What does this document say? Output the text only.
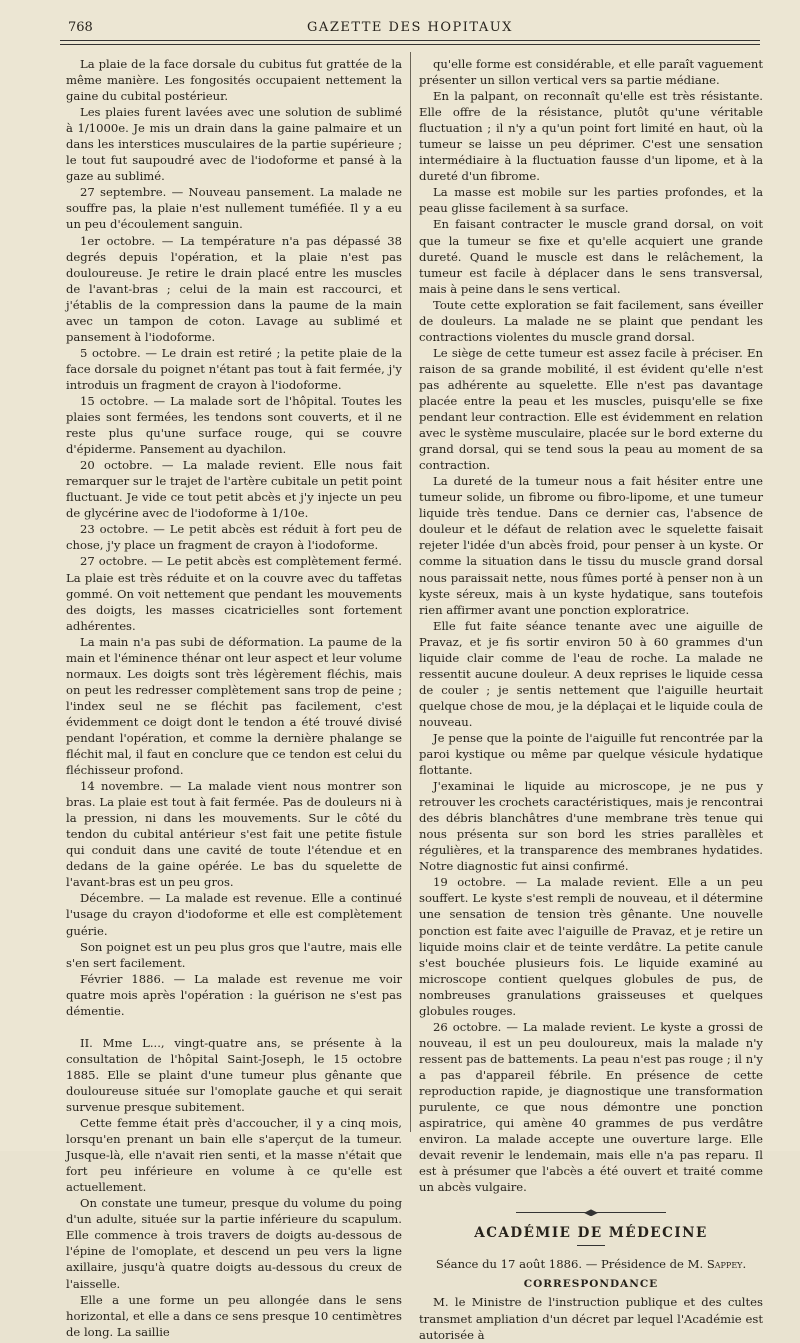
768	GAZETTE DES HOPITAUX

La plaie de la face dorsale du cubitus fut grattée de la même manière. Les fongosités occupaient nettement la gaine du cubital postérieur.

Les plaies furent lavées avec une solution de sublimé à 1/1000e. Je mis un drain dans la gaine palmaire et un dans les interstices musculaires de la partie supérieure ; le tout fut saupoudré avec de l'iodoforme et pansé à la gaze au sublimé.

27 septembre. — Nouveau pansement. La malade ne souffre pas, la plaie n'est nullement tuméfiée. Il y a eu un peu d'écoulement sanguin.

1er octobre. — La température n'a pas dépassé 38 degrés depuis l'opération, et la plaie n'est pas douloureuse. Je retire le drain placé entre les muscles de l'avant-bras ; celui de la main est raccourci, et j'établis de la compression dans la paume de la main avec un tampon de coton. Lavage au sublimé et pansement à l'iodoforme.

5 octobre. — Le drain est retiré ; la petite plaie de la face dorsale du poignet n'étant pas tout à fait fermée, j'y introduis un fragment de crayon à l'iodoforme.

15 octobre. — La malade sort de l'hôpital. Toutes les plaies sont fermées, les tendons sont couverts, et il ne reste plus qu'une surface rouge, qui se couvre d'épiderme. Pansement au dyachilon.

20 octobre. — La malade revient. Elle nous fait remarquer sur le trajet de l'artère cubitale un petit point fluctuant. Je vide ce tout petit abcès et j'y injecte un peu de glycérine avec de l'iodoforme à 1/10e.

23 octobre. — Le petit abcès est réduit à fort peu de chose, j'y place un fragment de crayon à l'iodoforme.

27 octobre. — Le petit abcès est complètement fermé. La plaie est très réduite et on la couvre avec du taffetas gommé. On voit nettement que pendant les mouvements des doigts, les masses cicatricielles sont fortement adhérentes.

La main n'a pas subi de déformation. La paume de la main et l'éminence thénar ont leur aspect et leur volume normaux. Les doigts sont très légèrement fléchis, mais on peut les redresser complètement sans trop de peine ; l'index seul ne se fléchit pas facilement, c'est évidemment ce doigt dont le tendon a été trouvé divisé pendant l'opération, et comme la dernière phalange se fléchit mal, il faut en conclure que ce tendon est celui du fléchisseur profond.

14 novembre. — La malade vient nous montrer son bras. La plaie est tout à fait fermée. Pas de douleurs ni à la pression, ni dans les mouvements. Sur le côté du tendon du cubital antérieur s'est fait une petite fistule qui conduit dans une cavité de toute l'étendue et en dedans de la gaine opérée. Le bas du squelette de l'avant-bras est un peu gros.

Décembre. — La malade est revenue. Elle a continué l'usage du crayon d'iodoforme et elle est complètement guérie.

Son poignet est un peu plus gros que l'autre, mais elle s'en sert facilement.

Février 1886. — La malade est revenue me voir quatre mois après l'opération : la guérison ne s'est pas démentie.

II. Mme L..., vingt-quatre ans, se présente à la consultation de l'hôpital Saint-Joseph, le 15 octobre 1885. Elle se plaint d'une tumeur plus gênante que douloureuse située sur l'omoplate gauche et qui serait survenue presque subitement.

Cette femme était près d'accoucher, il y a cinq mois, lorsqu'en prenant un bain elle s'aperçut de la tumeur. Jusque-là, elle n'avait rien senti, et la masse n'était que fort peu inférieure en volume à ce qu'elle est actuellement.

On constate une tumeur, presque du volume du poing d'un adulte, située sur la partie inférieure du scapulum. Elle commence à trois travers de doigts au-dessous de l'épine de l'omoplate, et descend un peu vers la ligne axillaire, jusqu'à quatre doigts au-dessous du creux de l'aisselle.

Elle a une forme un peu allongée dans le sens horizontal, et elle a dans ce sens presque 10 centimètres de long. La saillie

qu'elle forme est considérable, et elle paraît vaguement présenter un sillon vertical vers sa partie médiane.

En la palpant, on reconnaît qu'elle est très résistante. Elle offre de la résistance, plutôt qu'une véritable fluctuation ; il n'y a qu'un point fort limité en haut, où la tumeur se laisse un peu déprimer. C'est une sensation intermédiaire à la fluctuation fausse d'un lipome, et à la dureté d'un fibrome.

La masse est mobile sur les parties profondes, et la peau glisse facilement à sa surface.

En faisant contracter le muscle grand dorsal, on voit que la tumeur se fixe et qu'elle acquiert une grande dureté. Quand le muscle est dans le relâchement, la tumeur est facile à déplacer dans le sens transversal, mais à peine dans le sens vertical.

Toute cette exploration se fait facilement, sans éveiller de douleurs. La malade ne se plaint que pendant les contractions violentes du muscle grand dorsal.

Le siège de cette tumeur est assez facile à préciser. En raison de sa grande mobilité, il est évident qu'elle n'est pas adhérente au squelette. Elle n'est pas davantage placée entre la peau et les muscles, puisqu'elle se fixe pendant leur contraction. Elle est évidemment en relation avec le système musculaire, placée sur le bord externe du grand dorsal, qui se tend sous la peau au moment de sa contraction.

La dureté de la tumeur nous a fait hésiter entre une tumeur solide, un fibrome ou fibro-lipome, et une tumeur liquide très tendue. Dans ce dernier cas, l'absence de douleur et le défaut de relation avec le squelette faisait rejeter l'idée d'un abcès froid, pour penser à un kyste. Or comme la situation dans le tissu du muscle grand dorsal nous paraissait nette, nous fûmes porté à penser non à un kyste séreux, mais à un kyste hydatique, sans toutefois rien affirmer avant une ponction exploratrice.

Elle fut faite séance tenante avec une aiguille de Pravaz, et je fis sortir environ 50 à 60 grammes d'un liquide clair comme de l'eau de roche. La malade ne ressentit aucune douleur. A deux reprises le liquide cessa de couler ; je sentis nettement que l'aiguille heurtait quelque chose de mou, je la déplaçai et le liquide coula de nouveau.

Je pense que la pointe de l'aiguille fut rencontrée par la paroi kystique ou même par quelque vésicule hydatique flottante.

J'examinai le liquide au microscope, je ne pus y retrouver les crochets caractéristiques, mais je rencontrai des débris blanchâtres d'une membrane très tenue qui nous présenta sur son bord les stries parallèles et régulières, et la transparence des membranes hydatides. Notre diagnostic fut ainsi confirmé.

19 octobre. — La malade revient. Elle a un peu souffert. Le kyste s'est rempli de nouveau, et il détermine une sensation de tension très gênante. Une nouvelle ponction est faite avec l'aiguille de Pravaz, et je retire un liquide moins clair et de teinte verdâtre. La petite canule s'est bouchée plusieurs fois. Le liquide examiné au microscope contient quelques globules de pus, de nombreuses granulations graisseuses et quelques globules rouges.

26 octobre. — La malade revient. Le kyste a grossi de nouveau, il est un peu douloureux, mais la malade n'y ressent pas de battements. La peau n'est pas rouge ; il n'y a pas d'appareil fébrile. En présence de cette reproduction rapide, je diagnostique une transformation purulente, ce que nous démontre une ponction aspiratrice, qui amène 40 grammes de pus verdâtre environ. La malade accepte une ouverture large. Elle devait revenir le lendemain, mais elle n'a pas reparu. Il est à présumer que l'abcès a été ouvert et traité comme un abcès vulgaire.

ACADÉMIE DE MÉDECINE

Séance du 17 août 1886. — Présidence de M. Sappey.

CORRESPONDANCE

M. le Ministre de l'instruction publique et des cultes transmet ampliation d'un décret par lequel l'Académie est autorisée à
